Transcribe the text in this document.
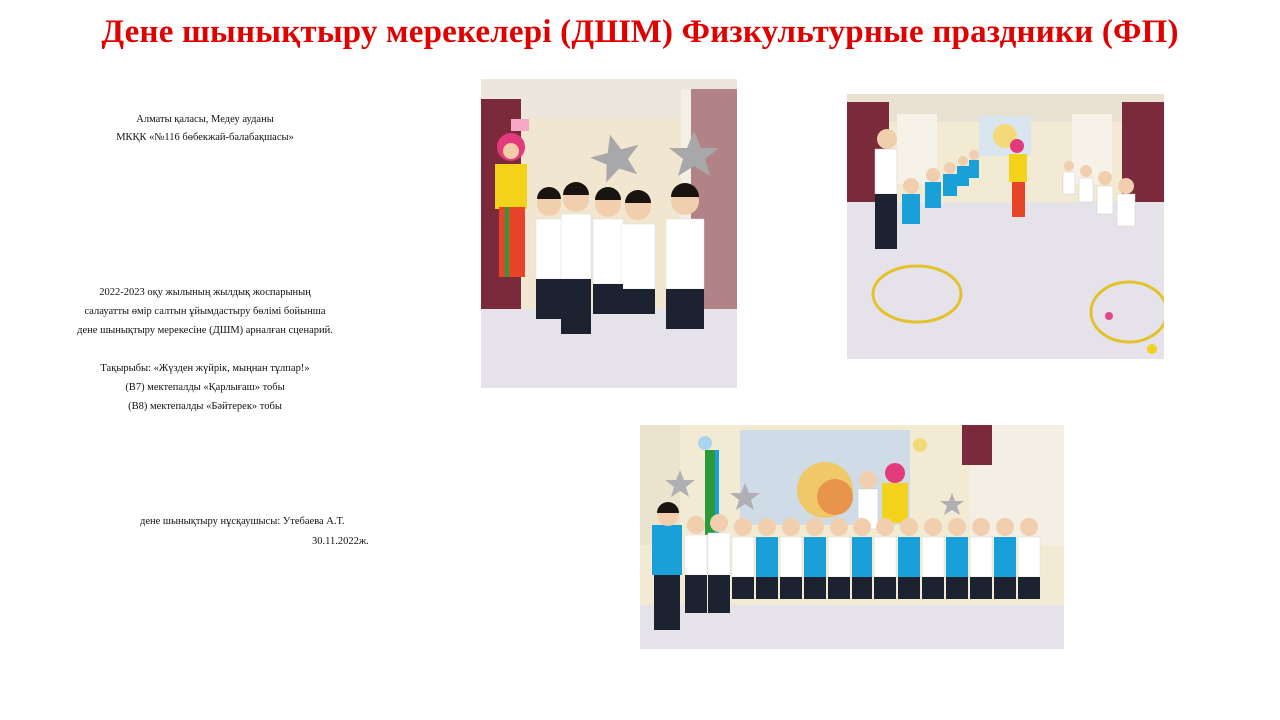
Дене шынықтыру мерекелері (ДШМ) Физкультурные праздники (ФП)
Алматы қаласы, Медеу ауданы
МКҚК «№116 бөбекжай-балабақшасы»
2022-2023 оқу жылының жылдық жоспарының
салауатты өмір салтын ұйымдастыру бөлімі бойынша
дене шынықтыру мерекесіне (ДШМ) арналған сценарий.
Тақырыбы: «Жүзден жүйрік, мыңнан тұлпар!»
(В7) мектепалды «Қарлығаш» тобы
(В8) мектепалды «Бәйтерек» тобы
дене шынықтыру нұсқаушысы: Утебаева А.Т.
30.11.2022ж.
